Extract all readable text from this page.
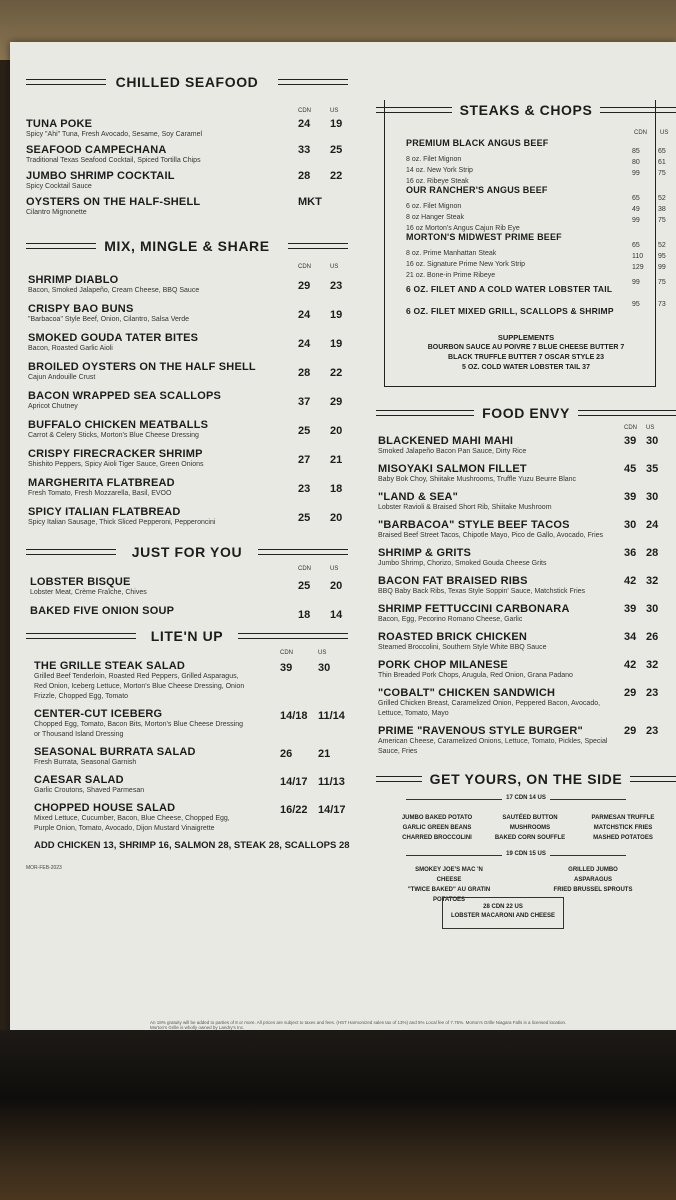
CHILLED SEAFOOD
CDN	US
TUNA POKE
Spicy "Ahi" Tuna, Fresh Avocado, Sesame, Soy Caramel
24 19
SEAFOOD CAMPECHANA
Traditional Texas Seafood Cocktail, Spiced Tortilla Chips
33 25
JUMBO SHRIMP COCKTAIL
Spicy Cocktail Sauce
28 22
OYSTERS ON THE HALF-SHELL
Cilantro Mignonette
MKT
MIX, MINGLE & SHARE
CDN	US
SHRIMP DIABLO
Bacon, Smoked Jalapeño, Cream Cheese, BBQ Sauce	29 23
CRISPY BAO BUNS
"Barbacoa" Style Beef, Onion, Cilantro, Salsa Verde	24 19
SMOKED GOUDA TATER BITES
Bacon, Roasted Garlic Aioli	24 19
BROILED OYSTERS ON THE HALF SHELL
Cajun Andouille Crust	28 22
BACON WRAPPED SEA SCALLOPS
Apricot Chutney	37 29
BUFFALO CHICKEN MEATBALLS
Carrot & Celery Sticks, Morton's Blue Cheese Dressing	25 20
CRISPY FIRECRACKER SHRIMP
Shishito Peppers, Spicy Aioli Tiger Sauce, Green Onions	27 21
MARGHERITA FLATBREAD
Fresh Tomato, Fresh Mozzarella, Basil, EVOO	23 18
SPICY ITALIAN FLATBREAD
Spicy Italian Sausage, Thick Sliced Pepperoni, Pepperoncini	25 20
JUST FOR YOU
CDN	US
LOBSTER BISQUE
Lobster Meat, Crème Fraîche, Chives
25 20
BAKED FIVE ONION SOUP	18 14
LITE'N UP
CDN	US
THE GRILLE STEAK SALAD
Grilled Beef Tenderloin, Roasted Red Peppers, Grilled Asparagus, Red Onion, Iceberg Lettuce, Morton's Blue Cheese Dressing, Onion Frizzle, Chopped Egg, Tomato
39 30
CENTER-CUT ICEBERG
Chopped Egg, Tomato, Bacon Bits, Morton's Blue Cheese Dressing or Thousand Island Dressing
14/18 11/14
SEASONAL BURRATA SALAD
Fresh Burrata, Seasonal Garnish
26 21
CAESAR SALAD
Garlic Croutons, Shaved Parmesan
14/17 11/13
CHOPPED HOUSE SALAD
Mixed Lettuce, Cucumber, Bacon, Blue Cheese, Chopped Egg, Purple Onion, Tomato, Avocado, Dijon Mustard Vinaigrette
16/22 14/17
ADD CHICKEN 13, SHRIMP 16, SALMON 28, STEAK 28, SCALLOPS 28
MOR-FEB-2023
STEAKS & CHOPS
CDN US
PREMIUM BLACK ANGUS BEEF
8 oz. Filet Mignon
85	65
14 oz. New York Strip
80	61
16 oz. Ribeye Steak
99	75
OUR RANCHER'S ANGUS BEEF
6 oz. Filet Mignon
65	52
8 oz Hanger Steak
49	38
16 oz Morton's Angus Cajun Rib Eye
99	75
MORTON'S MIDWEST PRIME BEEF
8 oz. Prime Manhattan Steak
65	52
16 oz. Signature Prime New York Strip
110 95
21 oz. Bone-in Prime Ribeye
129 99
6 OZ. FILET AND A COLD WATER LOBSTER TAIL
99	75
6 OZ. FILET MIXED GRILL, SCALLOPS & SHRIMP
95	73
SUPPLEMENTS
BOURBON SAUCE AU POIVRE 7 BLUE CHEESE BUTTER 7
BLACK TRUFFLE BUTTER 7 OSCAR STYLE 23
5 OZ. COLD WATER LOBSTER TAIL 37
FOOD ENVY
CDN US
BLACKENED MAHI MAHI
Smoked Jalapeño Bacon Pan Sauce, Dirty Rice
39 30
MISOYAKI SALMON FILLET
Baby Bok Choy, Shiitake Mushrooms, Truffle Yuzu Beurre Blanc
45 35
"LAND & SEA"
Lobster Ravioli & Braised Short Rib, Shiitake Mushroom
39 30
"BARBACOA" STYLE BEEF TACOS
Braised Beef Street Tacos, Chipotle Mayo, Pico de Gallo, Avocado, Fries
30 24
SHRIMP & GRITS
Jumbo Shrimp, Chorizo, Smoked Gouda Cheese Grits
36 28
BACON FAT BRAISED RIBS
BBQ Baby Back Ribs, Texas Style Soppin' Sauce, Matchstick Fries
42 32
SHRIMP FETTUCCINI CARBONARA
Bacon, Egg, Pecorino Romano Cheese, Garlic
39 30
ROASTED BRICK CHICKEN
Steamed Broccolini, Southern Style White BBQ Sauce
34 26
PORK CHOP MILANESE
Thin Breaded Pork Chops, Arugula, Red Onion, Grana Padano
42 32
"COBALT" CHICKEN SANDWICH
Grilled Chicken Breast, Caramelized Onion, Peppered Bacon, Avocado, Lettuce, Tomato, Mayo
29 23
PRIME "RAVENOUS STYLE BURGER"
American Cheese, Caramelized Onions, Lettuce, Tomato, Pickles, Special Sauce, Fries
29 23
GET YOURS, ON THE SIDE
17 CDN 14 US
JUMBO BAKED POTATO
GARLIC GREEN BEANS
CHARRED BROCCOLINI
SAUTÉED BUTTON MUSHROOMS
BAKED CORN SOUFFLE
PARMESAN TRUFFLE MATCHSTICK FRIES
MASHED POTATOES
19 CDN 15 US
SMOKEY JOE'S MAC 'N CHEESE
"TWICE BAKED" AU GRATIN POTATOES
GRILLED JUMBO ASPARAGUS
FRIED BRUSSEL SPROUTS
28 CDN 22 US
LOBSTER MACARONI AND CHEESE
An 18% gratuity will be added to parties of 8 or more. All prices are subject to taxes and fees. (HST Harmonized sales tax of 13%) and 5% Local fee of 7.75%. Morton's Grille Niagara Falls is a licensed location. Morton's Grille is wholly owned by Landry's Inc.
